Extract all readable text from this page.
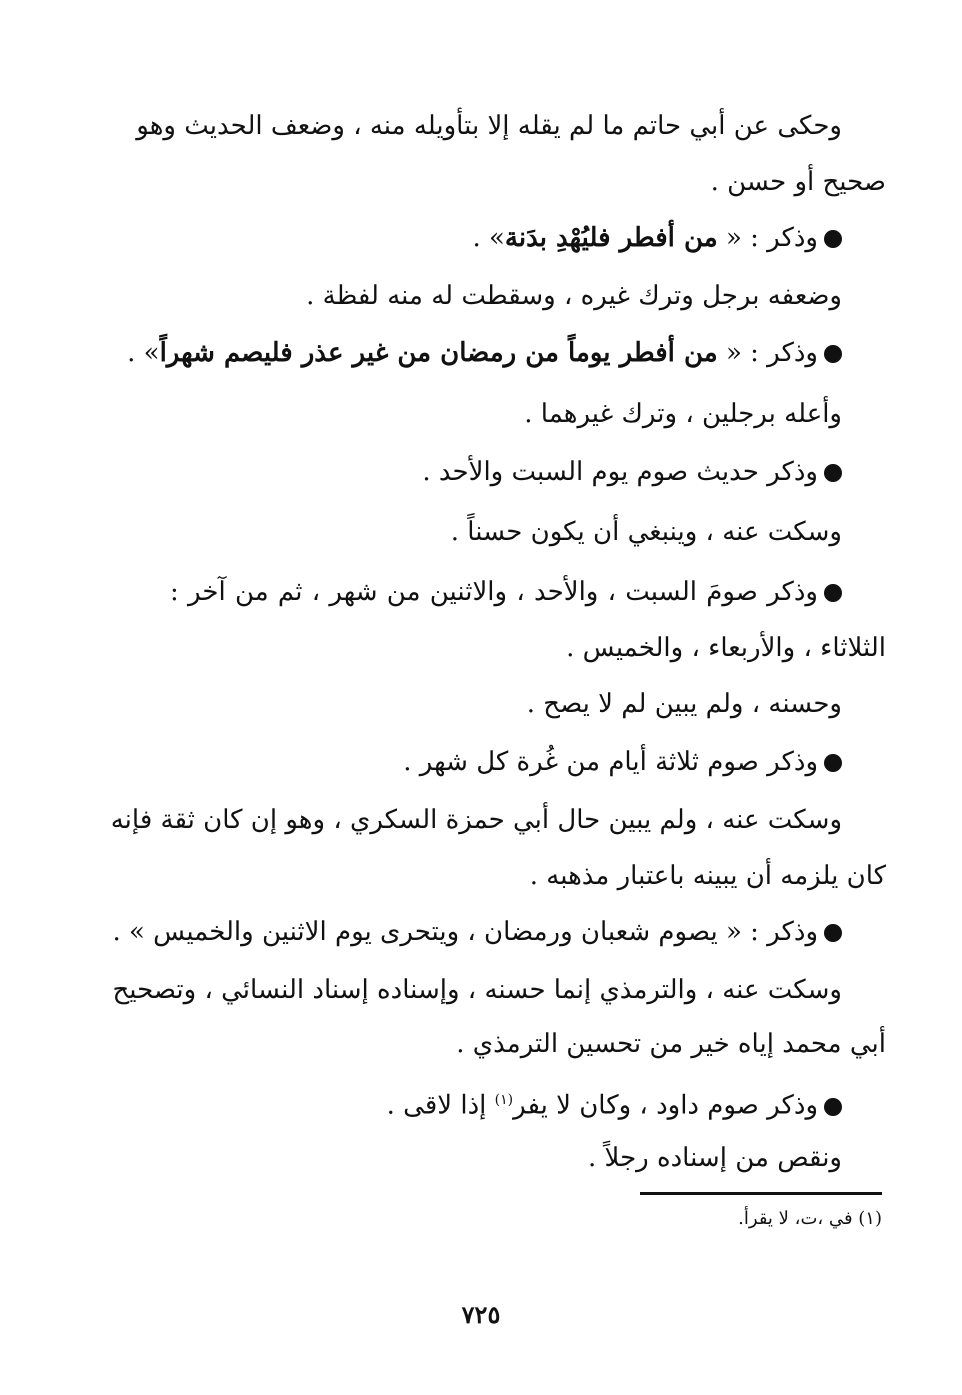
وحكى عن أبي حاتم ما لم يقله إلا بتأويله منه ، وضعف الحديث وهو
صحيح أو حسن .
وذكر : « من أفطر فليُهْدِ بدَنة» .
وضعفه برجل وترك غيره ، وسقطت له منه لفظة .
وذكر : « من أفطر يوماً من رمضان من غير عذر فليصم شهراً» .
وأعله برجلين ، وترك غيرهما .
وذكر حديث صوم يوم السبت والأحد .
وسكت عنه ، وينبغي أن يكون حسناً .
وذكر صومَ السبت ، والأحد ، والاثنين من شهر ، ثم من آخر :
الثلاثاء ، والأربعاء ، والخميس .
وحسنه ، ولم يبين لم لا يصح .
وذكر صوم ثلاثة أيام من غُرة كل شهر .
وسكت عنه ، ولم يبين حال أبي حمزة السكري ، وهو إن كان ثقة فإنه
كان يلزمه أن يبينه باعتبار مذهبه .
وذكر : « يصوم شعبان ورمضان ، ويتحرى يوم الاثنين والخميس » .
وسكت عنه ، والترمذي إنما حسنه ، وإسناده إسناد النسائي ، وتصحيح
أبي محمد إياه خير من تحسين الترمذي .
وذكر صوم داود ، وكان لا يفر$^{(١)}$ إذا لاقى .
ونقص من إسناده رجلاً .
(١) في ،ت، لا يقرأ.
٧٢٥
